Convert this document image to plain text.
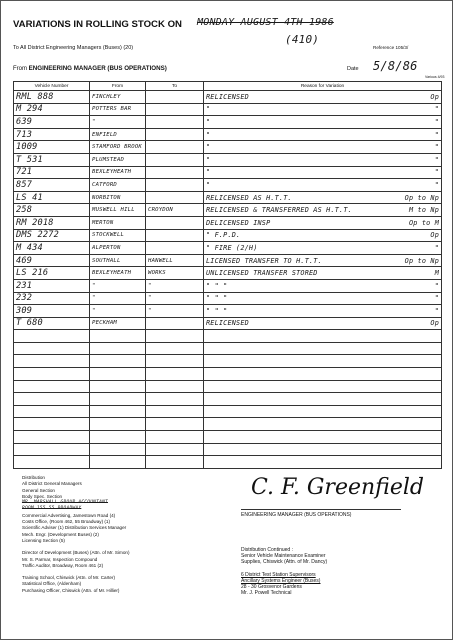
VARIATIONS IN ROLLING STOCK ON MONDAY AUGUST 4TH 1986
(410)
To All District Engineering Managers (Buses) (20)	Reference 105/3/
From ENGINEERING MANAGER (BUS OPERATIONS)	Date 5/8/86
Various 4/93
Vehicle Number	From	To	Reason for Variation
RML 888	FINCHLEY		RELICENSED Op

M 294	POTTERS BAR		" "

639	"		" "

713	ENFIELD		" "

1009	STAMFORD BROOK		" "

T 531	PLUMSTEAD		" "

721	BEXLEYHEATH		" "

857	CATFORD		" "

LS 41	NORBITON		RELICENSED AS H.T.T. Op to Np

258	MUSWELL HILL	CROYDON	RELICENSED & TRANSFERRED AS H.T.T. M to Np

RM 2018	MERTON		DELICENSED INSP Op to M

DMS 2272	STOCKWELL		" F.P.D. Op

M 434	ALPERTON		" FIRE (2/H) "

469	SOUTHALL	HANWELL	LICENSED TRANSFER TO H.T.T. Op to Np

LS 216	BEXLEYHEATH	WORKS	UNLICENSED TRANSFER STORED M

231	"	"	" " " "

232	"	"	" " " "

309	"	"	" " " "

T 680	PECKHAM		RELICENSED Op

Distribution
All District General Managers
General Section
Body Spec. Section
MR. MARSHALL GROUP ACCOUNTANT
ROOM 155 55 BROADWAY
Commercial Advertising, Jamestown Road (4)
Costs Office, (Room 462, 55 Broadway) (1)
Scientific Adviser (1) Distribution Services Manager
Mech. Engr. (Development Buses) (2)
Licensing Section (5)
Director of Development (Buses) (Attn. of Mr. Simon)
Mr. S. Parmar, Inspection Compound
Traffic Auditor, Broadway, Room 461 (2)
Training School, Chiswick (Attn. of Mr. Carter)
Statistical Office, (Aldenham)
Purchasing Officer, Chiswick (Attn. of Mr. Hillier)
C. F. Greenfield
ENGINEERING MANAGER (BUS OPERATIONS)
Distribution Continued :
Senior Vehicle Maintenance Examiner
Supplies, Chiswick (Attn. of Mr. Dancy)
6 District Test Station Supervisors
Ancillary Systems Engineer (Buses)
28 - 30 Grosvenor Gardens
Mr. J. Powell Technical
